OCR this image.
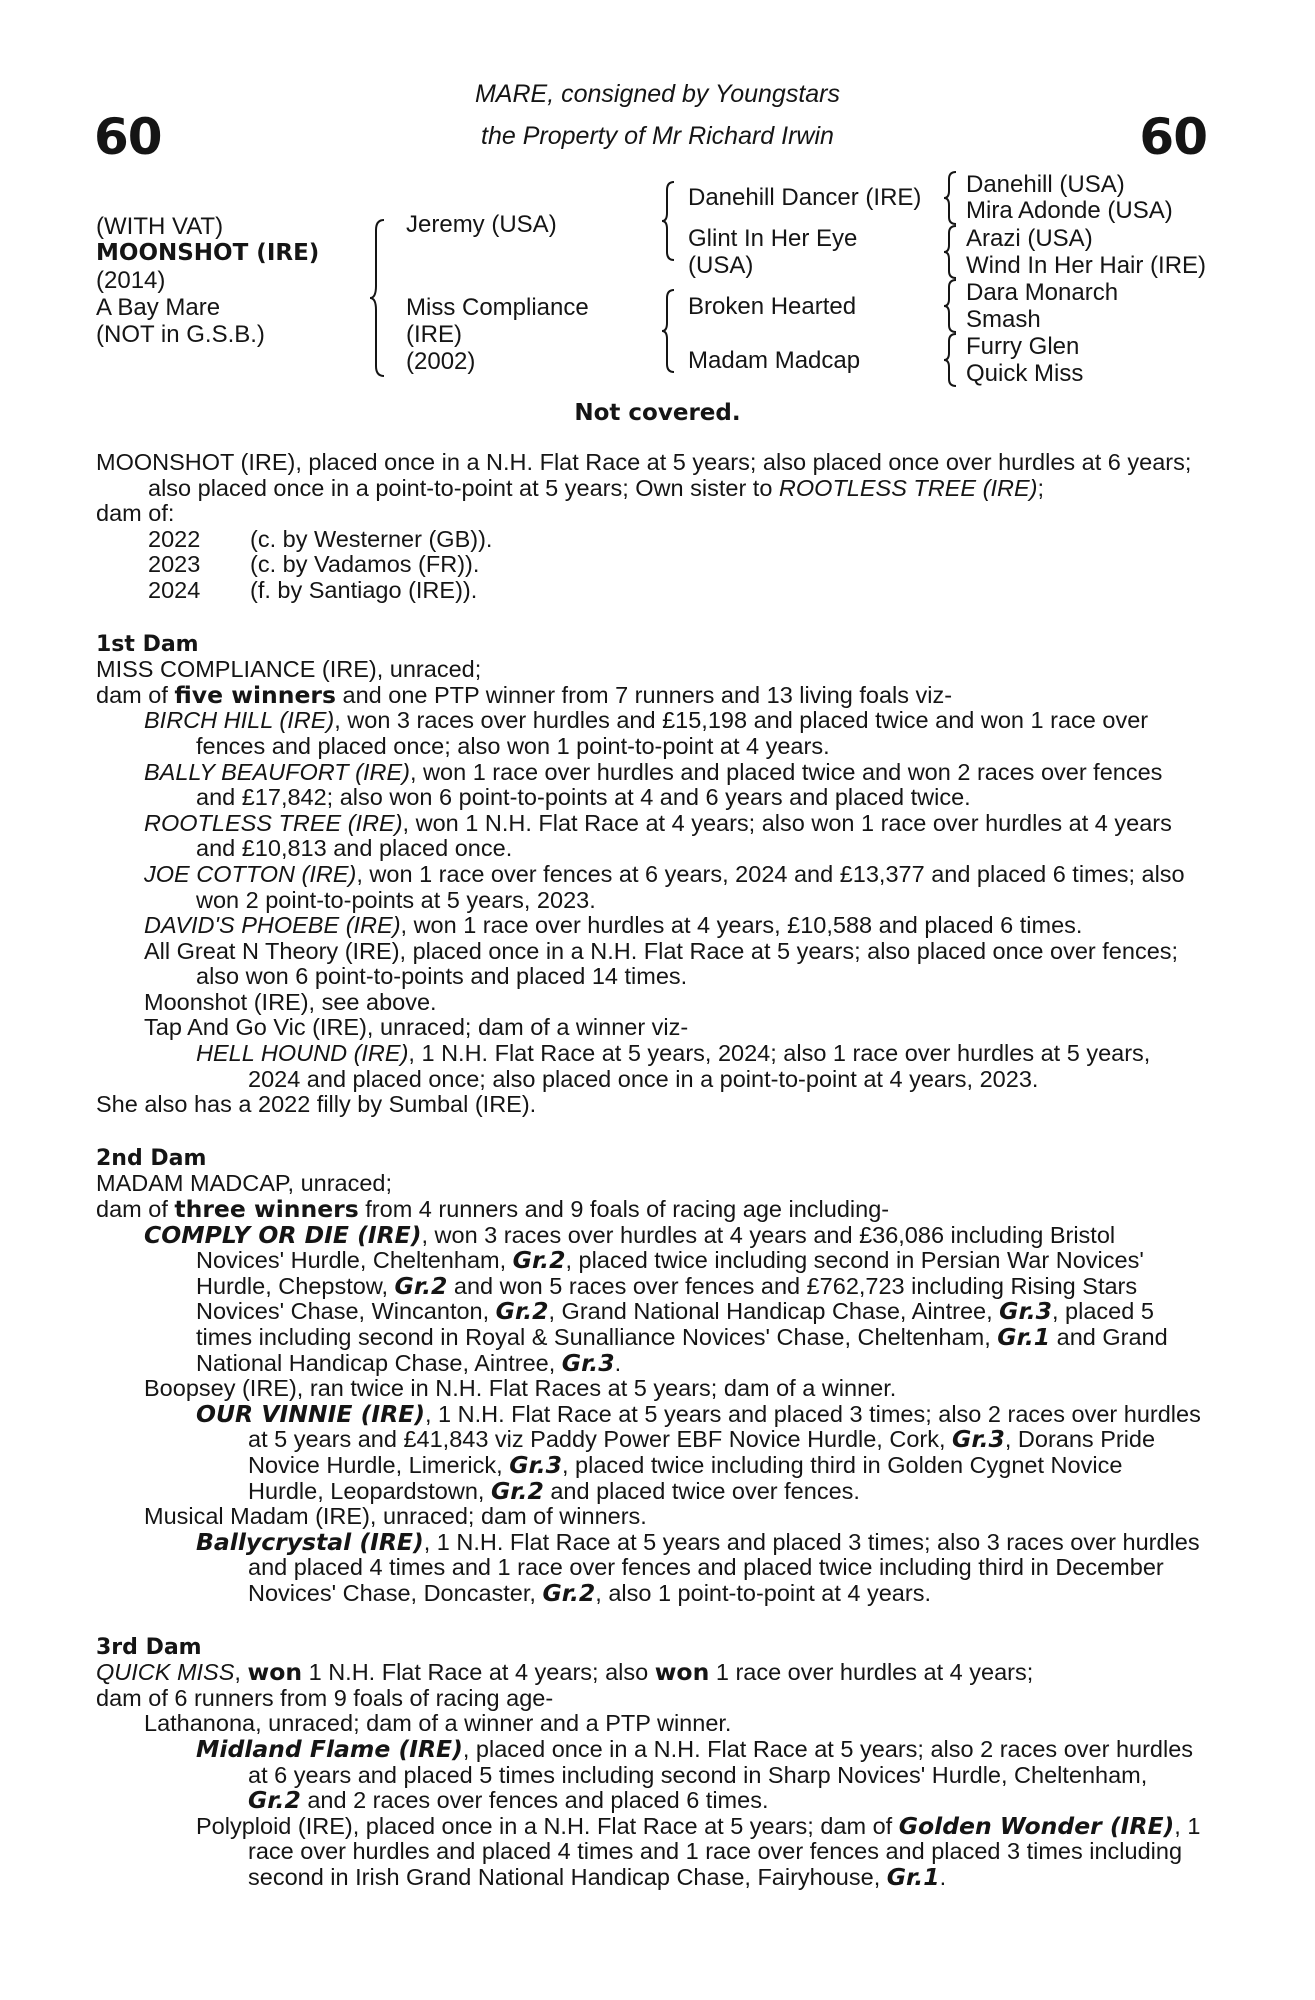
60	60
MARE, consigned by Youngstars
the Property of Mr Richard Irwin
(WITH VAT)
MOONSHOT (IRE)
(2014)
A Bay Mare
(NOT in G.S.B.)
Jeremy (USA)
Miss Compliance
(IRE)
(2002)
Danehill Dancer (IRE)
Glint In Her Eye
(USA)
Broken Hearted
Madam Madcap
Danehill (USA)
Mira Adonde (USA)
Arazi (USA)
Wind In Her Hair (IRE)
Dara Monarch
Smash
Furry Glen
Quick Miss
Not covered.

MOONSHOT (IRE), placed once in a N.H. Flat Race at 5 years; also placed once over hurdles at 6 years; also placed once in a point-to-point at 5 years; Own sister to ROOTLESS TREE (IRE);

dam of:

2022 (c. by Westerner (GB)).
2023 (c. by Vadamos (FR)).
2024 (f. by Santiago (IRE)).
1st Dam

MISS COMPLIANCE (IRE), unraced;

dam of five winners and one PTP winner from 7 runners and 13 living foals viz-

BIRCH HILL (IRE), won 3 races over hurdles and £15,198 and placed twice and won 1 race over fences and placed once; also won 1 point-to-point at 4 years.

BALLY BEAUFORT (IRE), won 1 race over hurdles and placed twice and won 2 races over fences and £17,842; also won 6 point-to-points at 4 and 6 years and placed twice.

ROOTLESS TREE (IRE), won 1 N.H. Flat Race at 4 years; also won 1 race over hurdles at 4 years and £10,813 and placed once.

JOE COTTON (IRE), won 1 race over fences at 6 years, 2024 and £13,377 and placed 6 times; also won 2 point-to-points at 5 years, 2023.

DAVID'S PHOEBE (IRE), won 1 race over hurdles at 4 years, £10,588 and placed 6 times.

All Great N Theory (IRE), placed once in a N.H. Flat Race at 5 years; also placed once over fences; also won 6 point-to-points and placed 14 times.

Moonshot (IRE), see above.

Tap And Go Vic (IRE), unraced; dam of a winner viz-

HELL HOUND (IRE), 1 N.H. Flat Race at 5 years, 2024; also 1 race over hurdles at 5 years, 2024 and placed once; also placed once in a point-to-point at 4 years, 2023.

She also has a 2022 filly by Sumbal (IRE).

2nd Dam

MADAM MADCAP, unraced;

dam of three winners from 4 runners and 9 foals of racing age including-

COMPLY OR DIE (IRE), won 3 races over hurdles at 4 years and £36,086 including Bristol Novices' Hurdle, Cheltenham, Gr.2, placed twice including second in Persian War Novices' Hurdle, Chepstow, Gr.2 and won 5 races over fences and £762,723 including Rising Stars Novices' Chase, Wincanton, Gr.2, Grand National Handicap Chase, Aintree, Gr.3, placed 5 times including second in Royal & Sunalliance Novices' Chase, Cheltenham, Gr.1 and Grand National Handicap Chase, Aintree, Gr.3.

Boopsey (IRE), ran twice in N.H. Flat Races at 5 years; dam of a winner.

OUR VINNIE (IRE), 1 N.H. Flat Race at 5 years and placed 3 times; also 2 races over hurdles at 5 years and £41,843 viz Paddy Power EBF Novice Hurdle, Cork, Gr.3, Dorans Pride Novice Hurdle, Limerick, Gr.3, placed twice including third in Golden Cygnet Novice Hurdle, Leopardstown, Gr.2 and placed twice over fences.

Musical Madam (IRE), unraced; dam of winners.

Ballycrystal (IRE), 1 N.H. Flat Race at 5 years and placed 3 times; also 3 races over hurdles and placed 4 times and 1 race over fences and placed twice including third in December Novices' Chase, Doncaster, Gr.2, also 1 point-to-point at 4 years.

3rd Dam

QUICK MISS, won 1 N.H. Flat Race at 4 years; also won 1 race over hurdles at 4 years;

dam of 6 runners from 9 foals of racing age-

Lathanona, unraced; dam of a winner and a PTP winner.

Midland Flame (IRE), placed once in a N.H. Flat Race at 5 years; also 2 races over hurdles at 6 years and placed 5 times including second in Sharp Novices' Hurdle, Cheltenham, Gr.2 and 2 races over fences and placed 6 times.

Polyploid (IRE), placed once in a N.H. Flat Race at 5 years; dam of Golden Wonder (IRE), 1 race over hurdles and placed 4 times and 1 race over fences and placed 3 times including second in Irish Grand National Handicap Chase, Fairyhouse, Gr.1.
